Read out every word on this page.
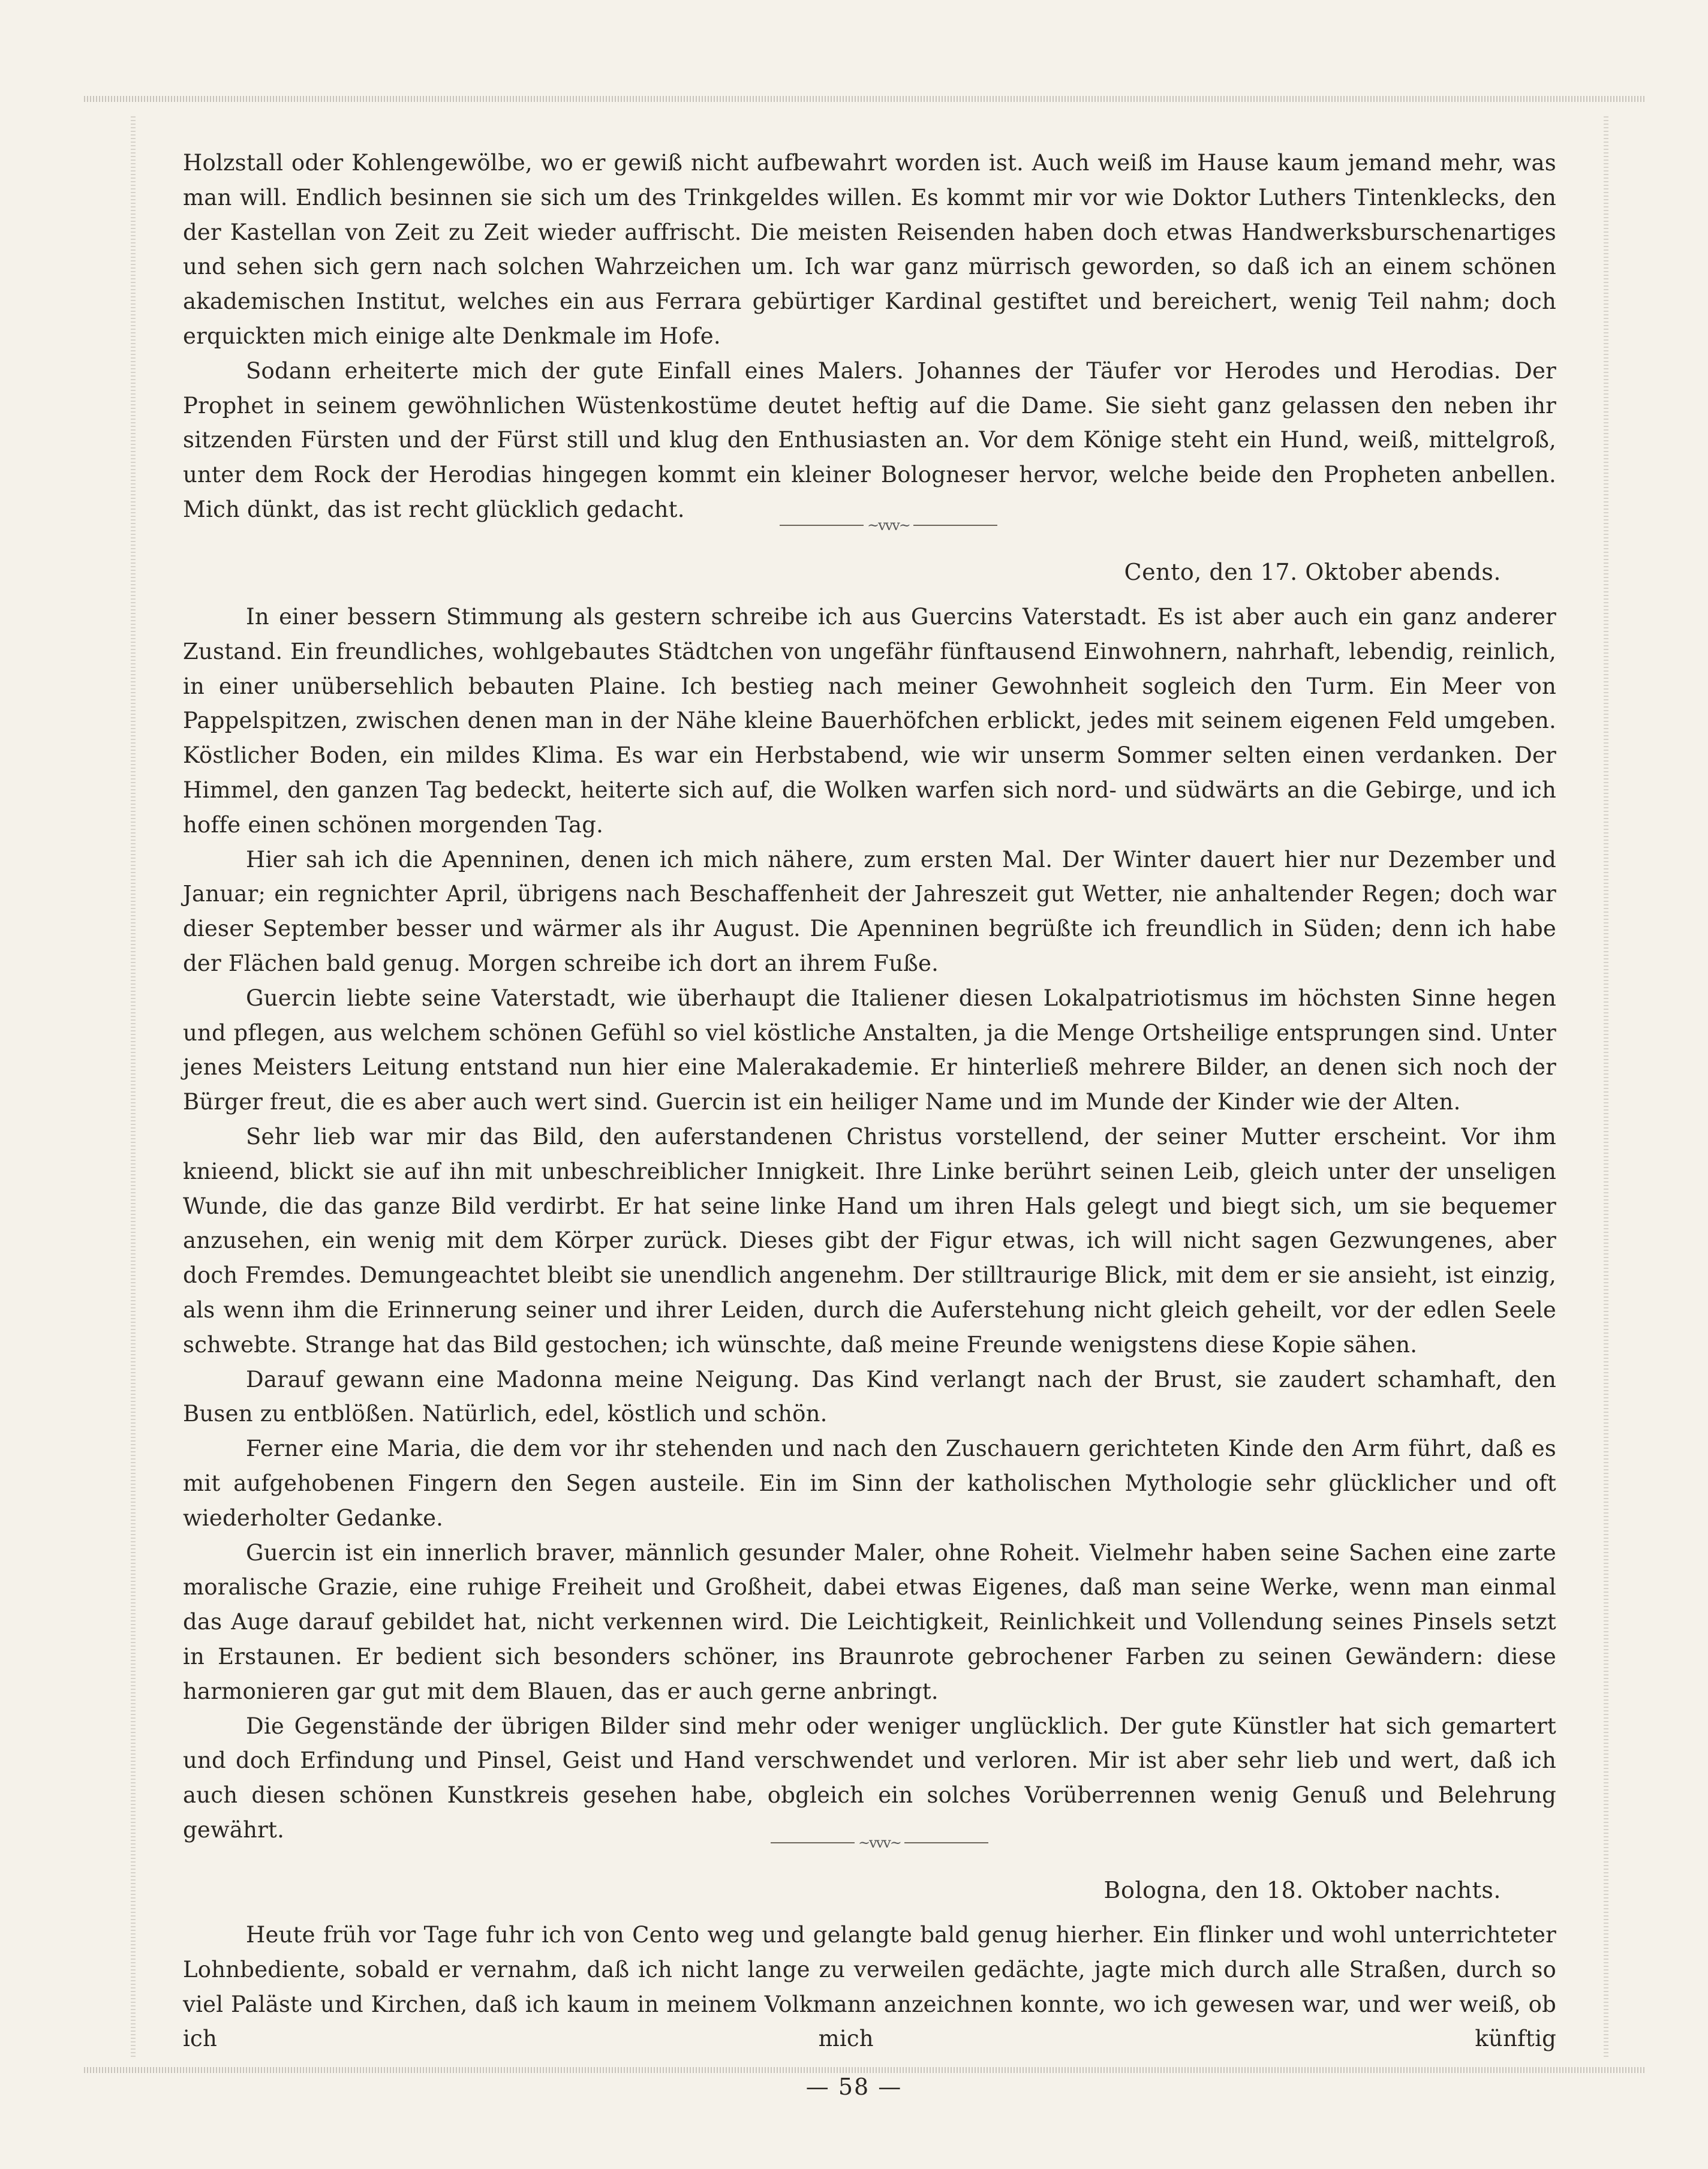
Holzstall oder Kohlengewölbe, wo er gewiß nicht aufbewahrt worden ist. Auch weiß im Hause kaum jemand mehr, was man will. Endlich besinnen sie sich um des Trinkgeldes willen. Es kommt mir vor wie Doktor Luthers Tintenklecks, den der Kastellan von Zeit zu Zeit wieder auffrischt. Die meisten Reisenden haben doch etwas Handwerksburschenartiges und sehen sich gern nach solchen Wahrzeichen um. Ich war ganz mürrisch geworden, so daß ich an einem schönen akademischen Institut, welches ein aus Ferrara gebürtiger Kardinal gestiftet und bereichert, wenig Teil nahm; doch erquickten mich einige alte Denkmale im Hofe.

Sodann erheiterte mich der gute Einfall eines Malers. Johannes der Täufer vor Herodes und Herodias. Der Prophet in seinem gewöhnlichen Wüstenkostüme deutet heftig auf die Dame. Sie sieht ganz gelassen den neben ihr sitzenden Fürsten und der Fürst still und klug den Enthusiasten an. Vor dem Könige steht ein Hund, weiß, mittelgroß, unter dem Rock der Herodias hingegen kommt ein kleiner Bologneser hervor, welche beide den Propheten anbellen. Mich dünkt, das ist recht glücklich gedacht.

~vvv~
Cento, den 17. Oktober abends.

In einer bessern Stimmung als gestern schreibe ich aus Guercins Vaterstadt. Es ist aber auch ein ganz anderer Zustand. Ein freundliches, wohlgebautes Städtchen von ungefähr fünftausend Einwohnern, nahrhaft, lebendig, reinlich, in einer unübersehlich bebauten Plaine. Ich bestieg nach meiner Gewohnheit sogleich den Turm. Ein Meer von Pappelspitzen, zwischen denen man in der Nähe kleine Bauerhöfchen erblickt, jedes mit seinem eigenen Feld umgeben. Köstlicher Boden, ein mildes Klima. Es war ein Herbstabend, wie wir unserm Sommer selten einen verdanken. Der Himmel, den ganzen Tag bedeckt, heiterte sich auf, die Wolken warfen sich nord- und südwärts an die Gebirge, und ich hoffe einen schönen morgenden Tag.

Hier sah ich die Apenninen, denen ich mich nähere, zum ersten Mal. Der Winter dauert hier nur Dezember und Januar; ein regnichter April, übrigens nach Beschaffenheit der Jahreszeit gut Wetter, nie anhaltender Regen; doch war dieser September besser und wärmer als ihr August. Die Apenninen begrüßte ich freundlich in Süden; denn ich habe der Flächen bald genug. Morgen schreibe ich dort an ihrem Fuße.

Guercin liebte seine Vaterstadt, wie überhaupt die Italiener diesen Lokalpatriotismus im höchsten Sinne hegen und pflegen, aus welchem schönen Gefühl so viel köstliche Anstalten, ja die Menge Ortsheilige entsprungen sind. Unter jenes Meisters Leitung entstand nun hier eine Malerakademie. Er hinterließ mehrere Bilder, an denen sich noch der Bürger freut, die es aber auch wert sind. Guercin ist ein heiliger Name und im Munde der Kinder wie der Alten.

Sehr lieb war mir das Bild, den auferstandenen Christus vorstellend, der seiner Mutter erscheint. Vor ihm knieend, blickt sie auf ihn mit unbeschreiblicher Innigkeit. Ihre Linke berührt seinen Leib, gleich unter der unseligen Wunde, die das ganze Bild verdirbt. Er hat seine linke Hand um ihren Hals gelegt und biegt sich, um sie bequemer anzusehen, ein wenig mit dem Körper zurück. Dieses gibt der Figur etwas, ich will nicht sagen Gezwungenes, aber doch Fremdes. Demungeachtet bleibt sie unendlich angenehm. Der stilltraurige Blick, mit dem er sie ansieht, ist einzig, als wenn ihm die Erinnerung seiner und ihrer Leiden, durch die Auferstehung nicht gleich geheilt, vor der edlen Seele schwebte. Strange hat das Bild gestochen; ich wünschte, daß meine Freunde wenigstens diese Kopie sähen.

Darauf gewann eine Madonna meine Neigung. Das Kind verlangt nach der Brust, sie zaudert schamhaft, den Busen zu entblößen. Natürlich, edel, köstlich und schön.

Ferner eine Maria, die dem vor ihr stehenden und nach den Zuschauern gerichteten Kinde den Arm führt, daß es mit aufgehobenen Fingern den Segen austeile. Ein im Sinn der katholischen Mythologie sehr glücklicher und oft wiederholter Gedanke.

Guercin ist ein innerlich braver, männlich gesunder Maler, ohne Roheit. Vielmehr haben seine Sachen eine zarte moralische Grazie, eine ruhige Freiheit und Großheit, dabei etwas Eigenes, daß man seine Werke, wenn man einmal das Auge darauf gebildet hat, nicht verkennen wird. Die Leichtigkeit, Reinlichkeit und Vollendung seines Pinsels setzt in Erstaunen. Er bedient sich besonders schöner, ins Braunrote gebrochener Farben zu seinen Gewändern: diese harmonieren gar gut mit dem Blauen, das er auch gerne anbringt.

Die Gegenstände der übrigen Bilder sind mehr oder weniger unglücklich. Der gute Künstler hat sich gemartert und doch Erfindung und Pinsel, Geist und Hand verschwendet und verloren. Mir ist aber sehr lieb und wert, daß ich auch diesen schönen Kunstkreis gesehen habe, obgleich ein solches Vorüberrennen wenig Genuß und Belehrung gewährt.

~vvv~
Bologna, den 18. Oktober nachts.

Heute früh vor Tage fuhr ich von Cento weg und gelangte bald genug hierher. Ein flinker und wohl unterrichteter Lohnbediente, sobald er vernahm, daß ich nicht lange zu verweilen gedächte, jagte mich durch alle Straßen, durch so viel Paläste und Kirchen, daß ich kaum in meinem Volkmann anzeichnen konnte, wo ich gewesen war, und wer weiß, ob ich mich künftig

— 58 —
